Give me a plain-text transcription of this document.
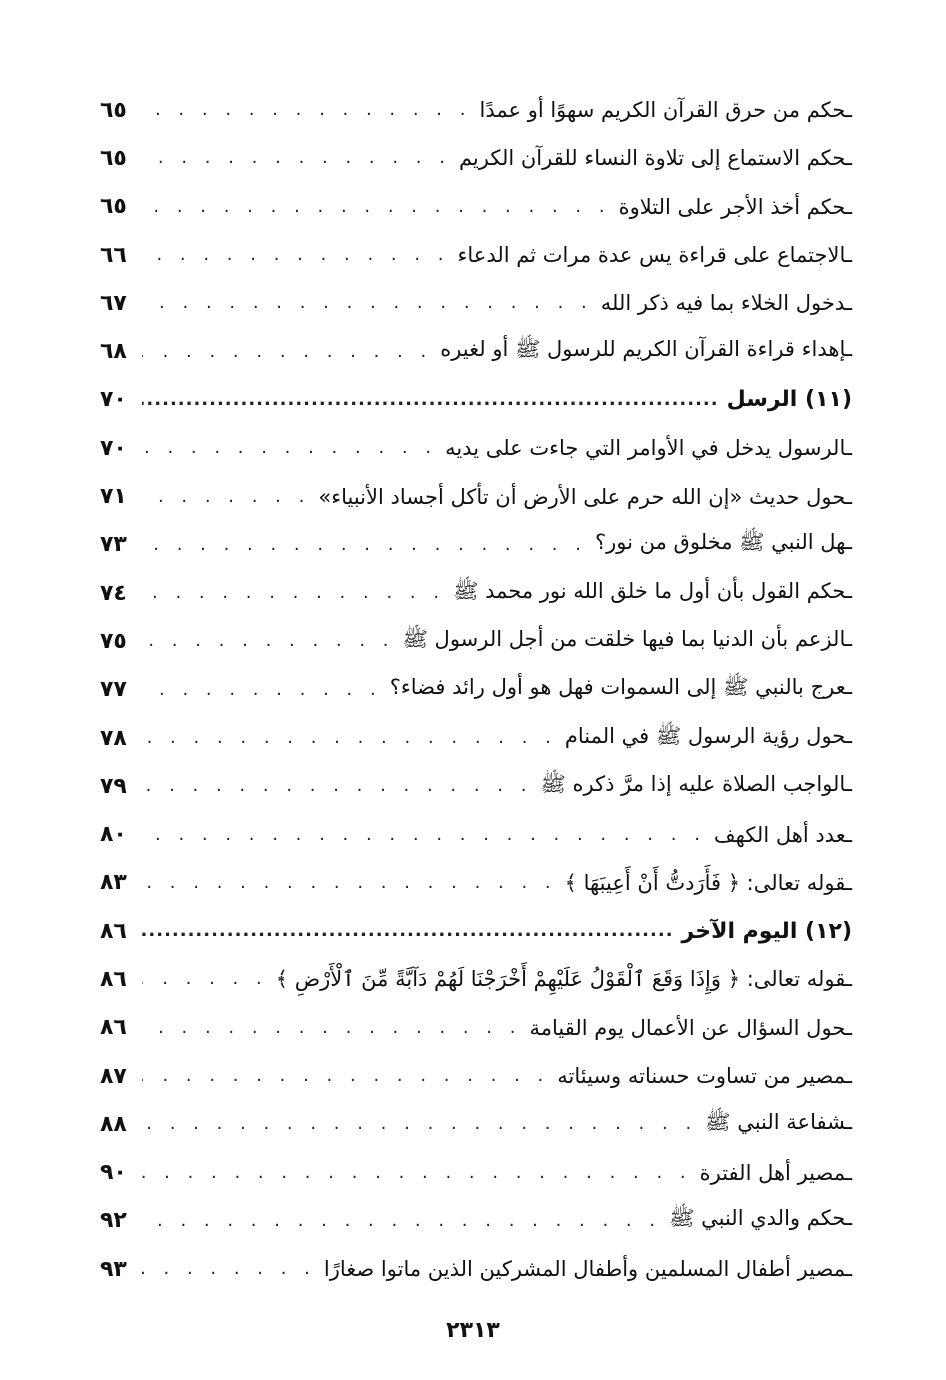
ـحكم من حرق القرآن الكريم سهوًا أو عمدًا
. . .
٦٥
ـحكم الاستماع إلى تلاوة النساء للقرآن الكريم
. . .
٦٥
ـحكم أخذ الأجر على التلاوة
. . .
٦٥
ـالاجتماع على قراءة يس عدة مرات ثم الدعاء
. . .
٦٦
ـدخول الخلاء بما فيه ذكر الله
. . .
٦٧
ـإهداء قراءة القرآن الكريم للرسول ﷺ أو لغيره
. . .
٦٨
(١١) الرسل
.....
٧٠
ـالرسول يدخل في الأوامر التي جاءت على يديه
. . .
٧٠
ـحول حديث «إن الله حرم على الأرض أن تأكل أجساد الأنبياء»
. . .
٧١
ـهل النبي ﷺ مخلوق من نور؟
. . .
٧٣
ـحكم القول بأن أول ما خلق الله نور محمد ﷺ
. . .
٧٤
ـالزعم بأن الدنيا بما فيها خلقت من أجل الرسول ﷺ
. . .
٧٥
ـعرج بالنبي ﷺ إلى السموات فهل هو أول رائد فضاء؟
. . .
٧٧
ـحول رؤية الرسول ﷺ في المنام
. . .
٧٨
ـالواجب الصلاة عليه إذا مرَّ ذكره ﷺ
. . .
٧٩
ـعدد أهل الكهف
. . .
٨٠
ـقوله تعالى: ﴿ فَأَرَدتُّ أَنْ أَعِيبَهَا ﴾
. . .
٨٣
(١٢) اليوم الآخر
.....
٨٦
ـقوله تعالى: ﴿ وَإِذَا وَقَعَ ٱلْقَوْلُ عَلَيْهِمْ أَخْرَجْنَا لَهُمْ دَآبَّةً مِّنَ ٱلْأَرْضِ ﴾
. . .
٨٦
ـحول السؤال عن الأعمال يوم القيامة
. . .
٨٦
ـمصير من تساوت حسناته وسيئاته
. . .
٨٧
ـشفاعة النبي ﷺ
. . .
٨٨
ـمصير أهل الفترة
. . .
٩٠
ـحكم والدي النبي ﷺ
. . .
٩٢
ـمصير أطفال المسلمين وأطفال المشركين الذين ماتوا صغارًا
. . .
٩٣
٢٣١٣
